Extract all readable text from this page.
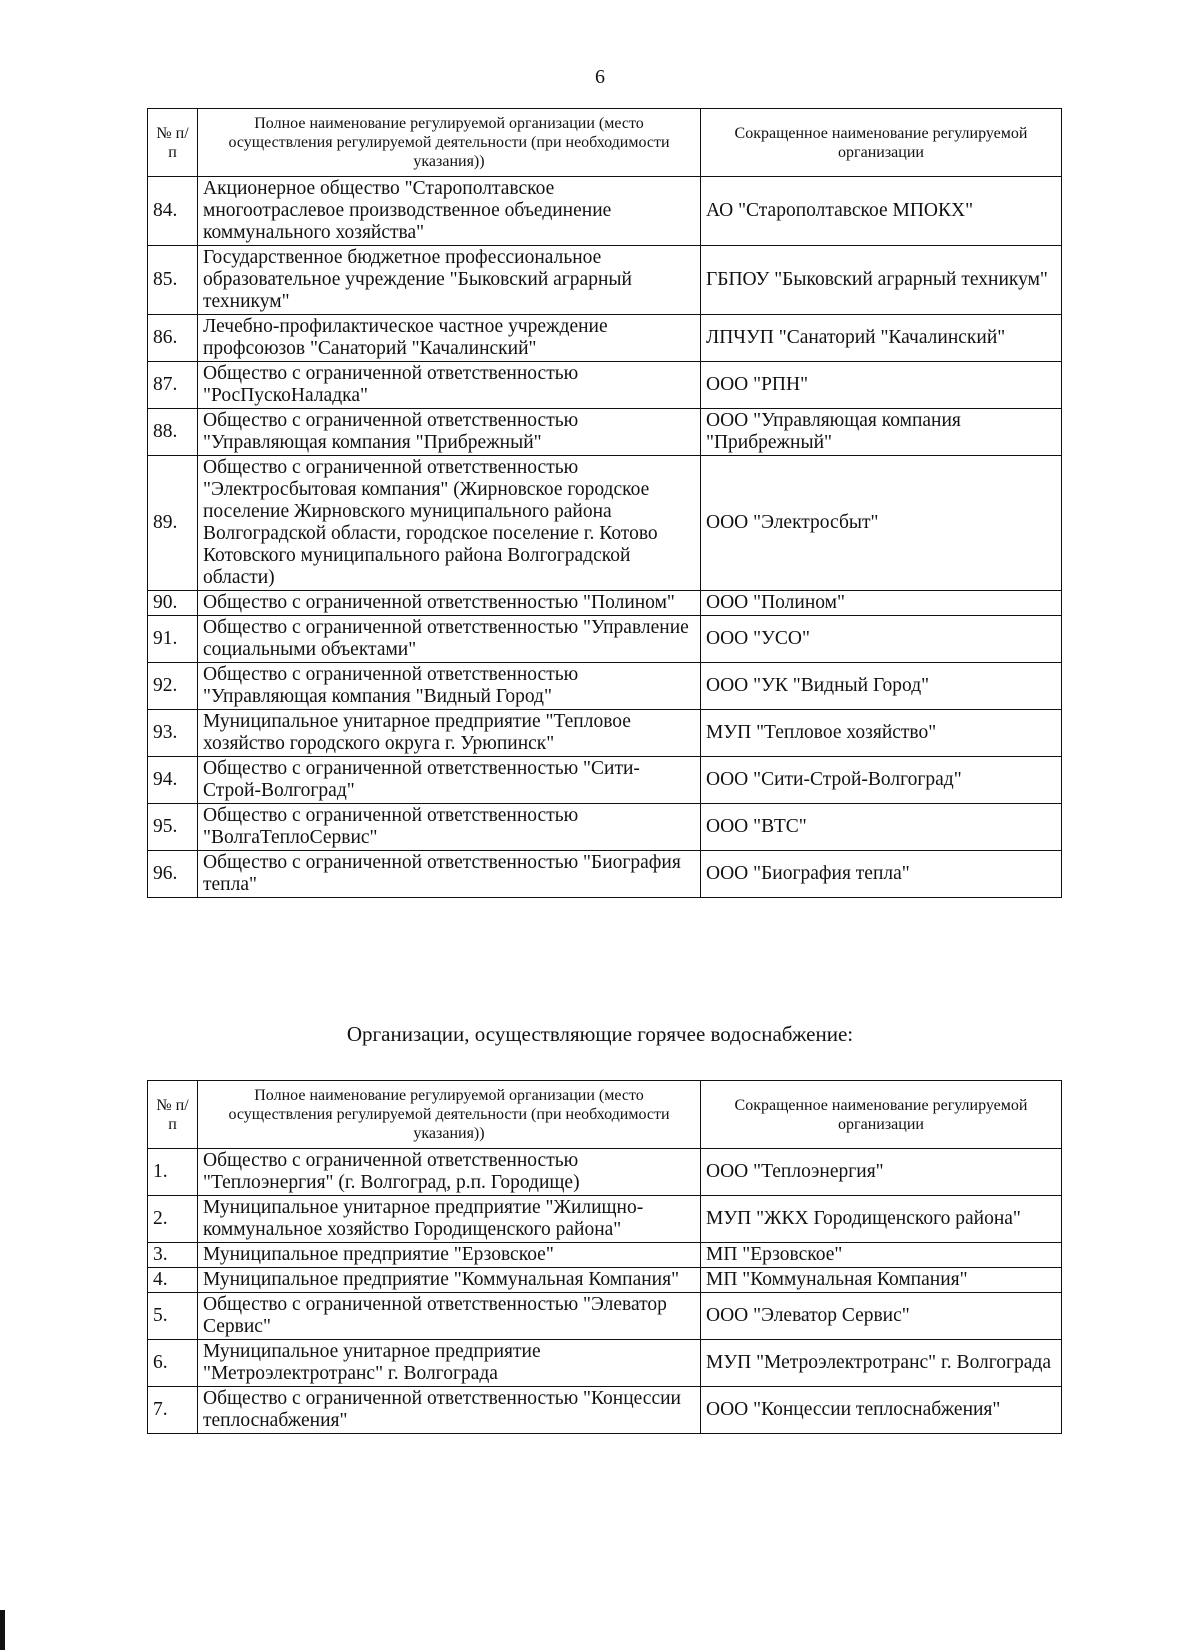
6
№ п/п	Полное наименование регулируемой организации (место осуществления регулируемой деятельности (при необходимости указания))	Сокращенное наименование регулируемой организации
84.	Акционерное общество "Старополтавское многоотраслевое производственное объединение коммунального хозяйства"	АО "Старополтавское МПОКХ"
85.	Государственное бюджетное профессиональное образовательное учреждение "Быковский аграрный техникум"	ГБПОУ "Быковский аграрный техникум"
86.	Лечебно-профилактическое частное учреждение профсоюзов "Санаторий "Качалинский"	ЛПЧУП "Санаторий "Качалинский"
87.	Общество с ограниченной ответственностью "РосПускоНаладка"	ООО "РПН"
88.	Общество с ограниченной ответственностью "Управляющая компания "Прибрежный"	ООО "Управляющая компания "Прибрежный"
89.	Общество с ограниченной ответственностью "Электросбытовая компания" (Жирновское городское поселение Жирновского муниципального района Волгоградской области, городское поселение г. Котово Котовского муниципального района Волгоградской области)	ООО "Электросбыт"
90.	Общество с ограниченной ответственностью "Полином"	ООО "Полином"
91.	Общество с ограниченной ответственностью "Управление социальными объектами"	ООО "УСО"
92.	Общество с ограниченной ответственностью "Управляющая компания "Видный Город"	ООО "УК "Видный Город"
93.	Муниципальное унитарное предприятие "Тепловое хозяйство городского округа г. Урюпинск"	МУП "Тепловое хозяйство"
94.	Общество с ограниченной ответственностью "Сити-Строй-Волгоград"	ООО "Сити-Строй-Волгоград"
95.	Общество с ограниченной ответственностью "ВолгаТеплоСервис"	ООО "ВТС"
96.	Общество с ограниченной ответственностью "Биография тепла"	ООО "Биография тепла"
Организации, осуществляющие горячее водоснабжение:
№ п/п	Полное наименование регулируемой организации (место осуществления регулируемой деятельности (при необходимости указания))	Сокращенное наименование регулируемой организации
1.	Общество с ограниченной ответственностью "Теплоэнергия" (г. Волгоград, р.п. Городище)	ООО "Теплоэнергия"
2.	Муниципальное унитарное предприятие "Жилищно-коммунальное хозяйство Городищенского района"	МУП "ЖКХ Городищенского района"
3.	Муниципальное предприятие "Ерзовское"	МП "Ерзовское"
4.	Муниципальное предприятие "Коммунальная Компания"	МП "Коммунальная Компания"
5.	Общество с ограниченной ответственностью "Элеватор Сервис"	ООО "Элеватор Сервис"
6.	Муниципальное унитарное предприятие "Метроэлектротранс" г. Волгограда	МУП "Метроэлектротранс" г. Волгограда
7.	Общество с ограниченной ответственностью "Концессии теплоснабжения"	ООО "Концессии теплоснабжения"
